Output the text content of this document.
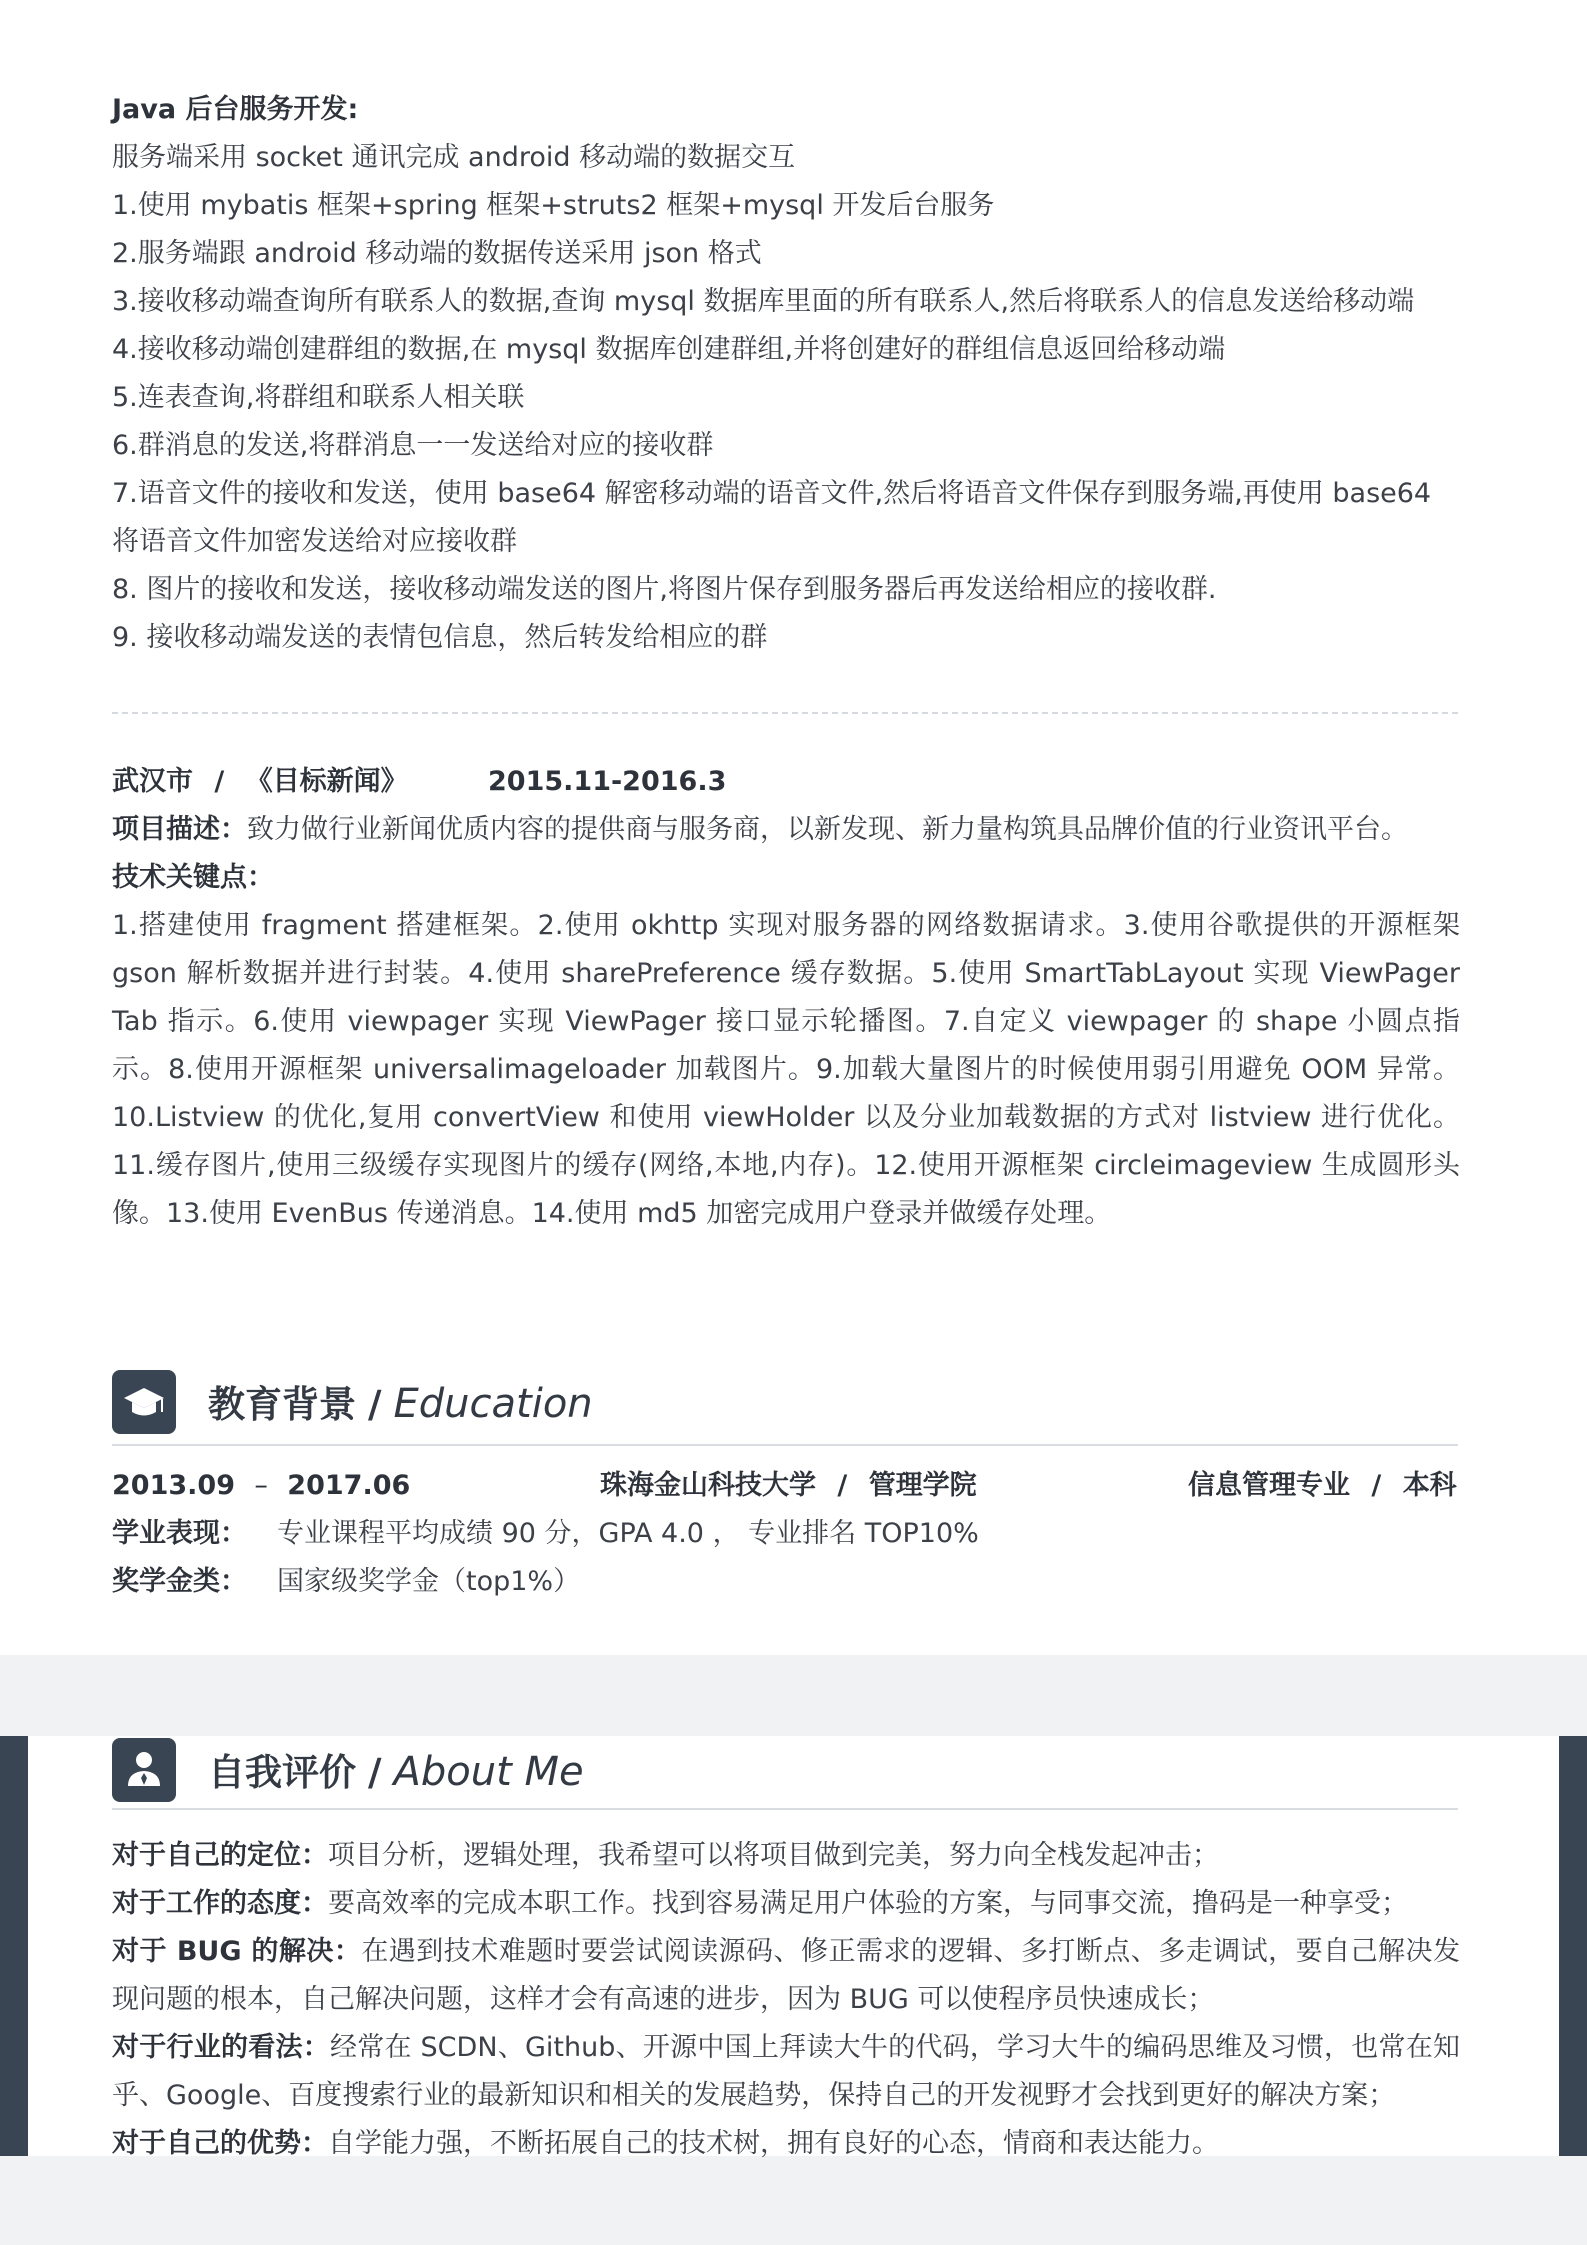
Java 后台服务开发:
服务端采用 socket 通讯完成 android 移动端的数据交互
1.使用 mybatis 框架+spring 框架+struts2 框架+mysql 开发后台服务
2.服务端跟 android 移动端的数据传送采用 json 格式
3.接收移动端查询所有联系人的数据,查询 mysql 数据库里面的所有联系人,然后将联系人的信息发送给移动端
4.接收移动端创建群组的数据,在 mysql 数据库创建群组,并将创建好的群组信息返回给移动端
5.连表查询,将群组和联系人相关联
6.群消息的发送,将群消息一一发送给对应的接收群
7.语音文件的接收和发送，使用 base64 解密移动端的语音文件,然后将语音文件保存到服务端,再使用 base64
将语音文件加密发送给对应接收群
8. 图片的接收和发送，接收移动端发送的图片,将图片保存到服务器后再发送给相应的接收群.
9. 接收移动端发送的表情包信息，然后转发给相应的群
武汉市 / 《目标新闻》	2015.11-2016.3
项目描述：致力做行业新闻优质内容的提供商与服务商，以新发现、新力量构筑具品牌价值的行业资讯平台。
技术关键点：
1.搭建使用 fragment 搭建框架。2.使用 okhttp 实现对服务器的网络数据请求。3.使用谷歌提供的开源框架 gson 解析数据并进行封装。4.使用 sharePreference 缓存数据。5.使用 SmartTabLayout 实现 ViewPager Tab 指示。6.使用 viewpager 实现 ViewPager 接口显示轮播图。7.自定义 viewpager 的 shape 小圆点指示。8.使用开源框架 universalimageloader 加载图片。9.加载大量图片的时候使用弱引用避免 OOM 异常。10.Listview 的优化,复用 convertView 和使用 viewHolder 以及分业加载数据的方式对 listview 进行优化。11.缓存图片,使用三级缓存实现图片的缓存(网络,本地,内存)。12.使用开源框架 circleimageview 生成圆形头像。13.使用 EvenBus 传递消息。14.使用 md5 加密完成用户登录并做缓存处理。
教育背景 / Education
2013.09 – 2017.06	珠海金山科技大学 / 管理学院	信息管理专业 / 本科
学业表现： 专业课程平均成绩 90 分，GPA 4.0 ， 专业排名 TOP10%
奖学金类： 国家级奖学金（top1%）
自我评价 / About Me
对于自己的定位：项目分析，逻辑处理，我希望可以将项目做到完美，努力向全栈发起冲击；
对于工作的态度：要高效率的完成本职工作。找到容易满足用户体验的方案，与同事交流，撸码是一种享受；
对于 BUG 的解决：在遇到技术难题时要尝试阅读源码、修正需求的逻辑、多打断点、多走调试，要自己解决发现问题的根本，自己解决问题，这样才会有高速的进步，因为 BUG 可以使程序员快速成长；
对于行业的看法：经常在 SCDN、Github、开源中国上拜读大牛的代码，学习大牛的编码思维及习惯，也常在知乎、Google、百度搜索行业的最新知识和相关的发展趋势，保持自己的开发视野才会找到更好的解决方案；
对于自己的优势：自学能力强，不断拓展自己的技术树，拥有良好的心态，情商和表达能力。
